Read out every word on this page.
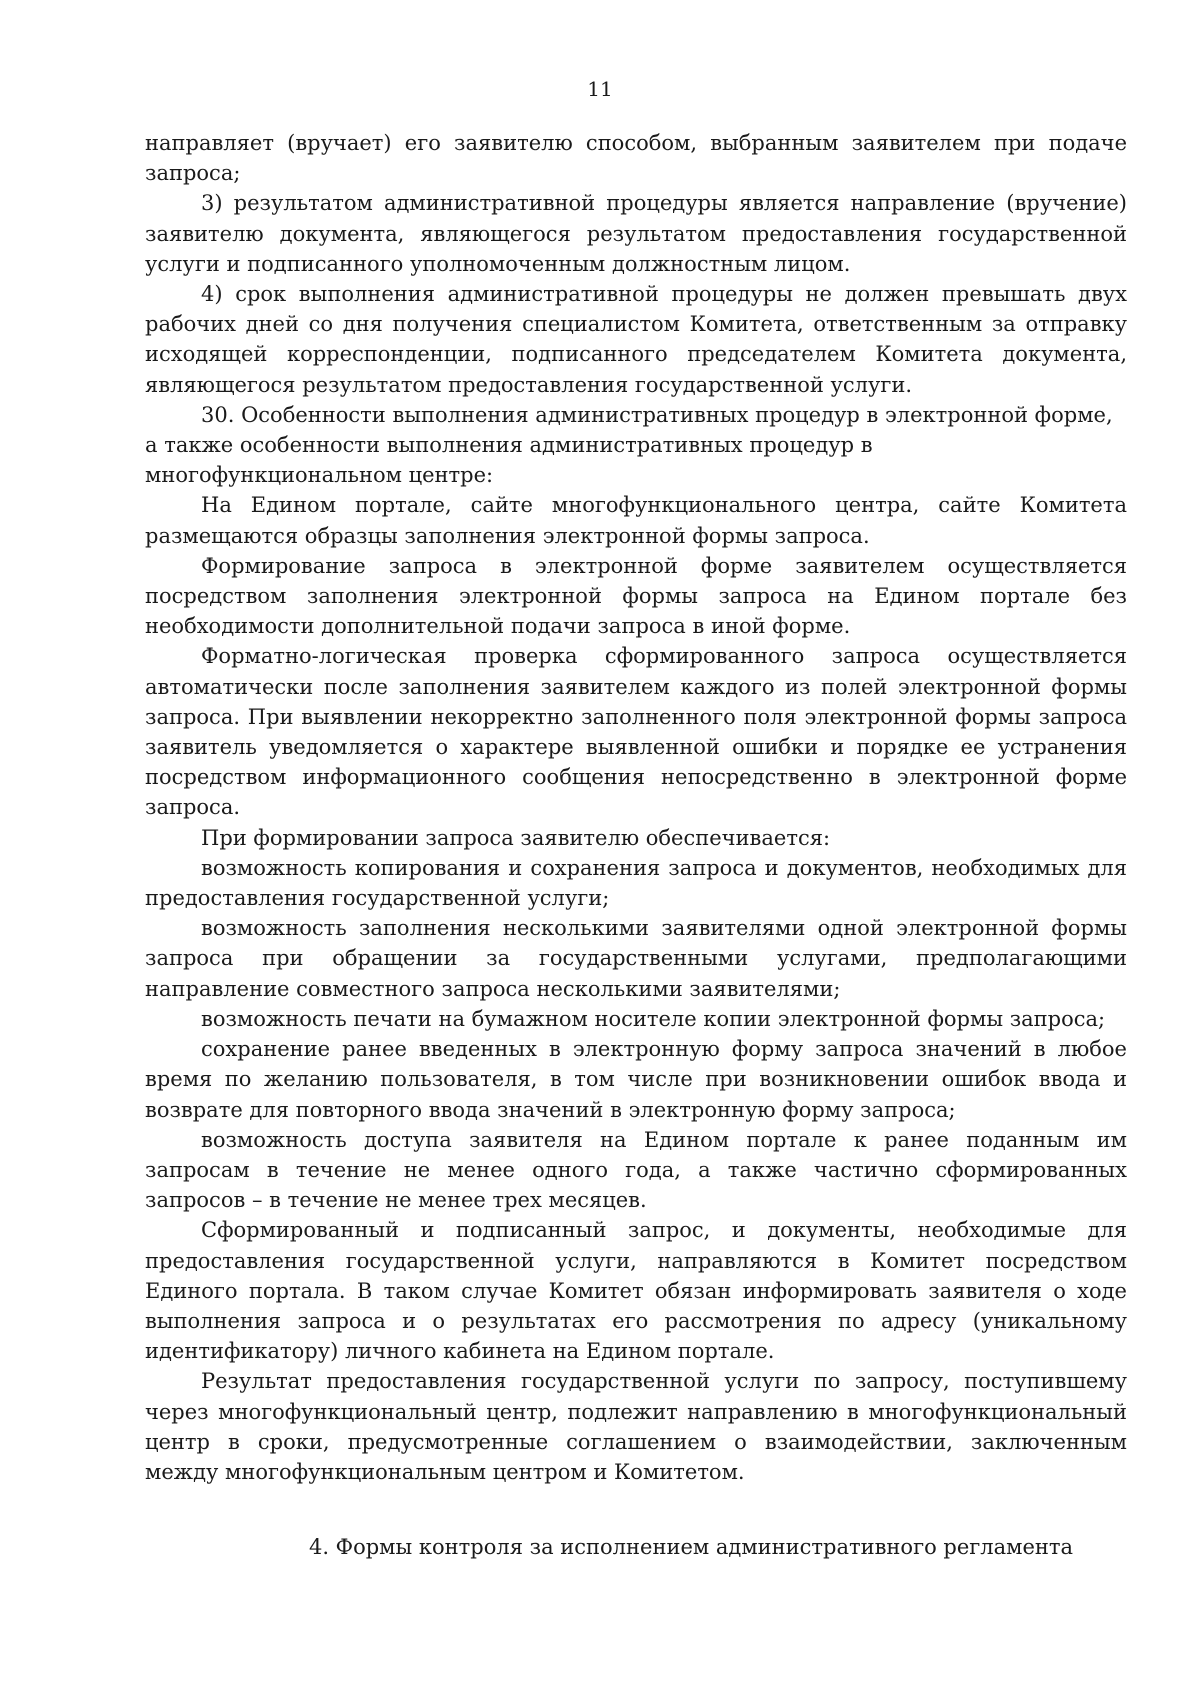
11

направляет (вручает) его заявителю способом, выбранным заявителем при подаче запроса;

3) результатом административной процедуры является направление (вручение) заявителю документа, являющегося результатом предоставления государственной услуги и подписанного уполномоченным должностным лицом.

4) срок выполнения административной процедуры не должен превышать двух рабочих дней со дня получения специалистом Комитета, ответственным за отправку исходящей корреспонденции, подписанного председателем Комитета документа, являющегося результатом предоставления государственной услуги.

30. Особенности выполнения административных процедур в электронной форме,

а также особенности выполнения административных процедур в

многофункциональном центре:

На Едином портале, сайте многофункционального центра, сайте Комитета размещаются образцы заполнения электронной формы запроса.

Формирование запроса в электронной форме заявителем осуществляется посредством заполнения электронной формы запроса на Едином портале без необходимости дополнительной подачи запроса в иной форме.

Форматно-логическая проверка сформированного запроса осуществляется автоматически после заполнения заявителем каждого из полей электронной формы запроса. При выявлении некорректно заполненного поля электронной формы запроса заявитель уведомляется о характере выявленной ошибки и порядке ее устранения посредством информационного сообщения непосредственно в электронной форме запроса.

При формировании запроса заявителю обеспечивается:

возможность копирования и сохранения запроса и документов, необходимых для предоставления государственной услуги;

возможность заполнения несколькими заявителями одной электронной формы запроса при обращении за государственными услугами, предполагающими направление совместного запроса несколькими заявителями;

возможность печати на бумажном носителе копии электронной формы запроса;

сохранение ранее введенных в электронную форму запроса значений в любое время по желанию пользователя, в том числе при возникновении ошибок ввода и возврате для повторного ввода значений в электронную форму запроса;

возможность доступа заявителя на Едином портале к ранее поданным им запросам в течение не менее одного года, а также частично сформированных запросов – в течение не менее трех месяцев.

Сформированный и подписанный запрос, и документы, необходимые для предоставления государственной услуги, направляются в Комитет посредством Единого портала. В таком случае Комитет обязан информировать заявителя о ходе выполнения запроса и о результатах его рассмотрения по адресу (уникальному идентификатору) личного кабинета на Едином портале.

Результат предоставления государственной услуги по запросу, поступившему через многофункциональный центр, подлежит направлению в многофункциональный центр в сроки, предусмотренные соглашением о взаимодействии, заключенным между многофункциональным центром и Комитетом.

4. Формы контроля за исполнением административного регламента
